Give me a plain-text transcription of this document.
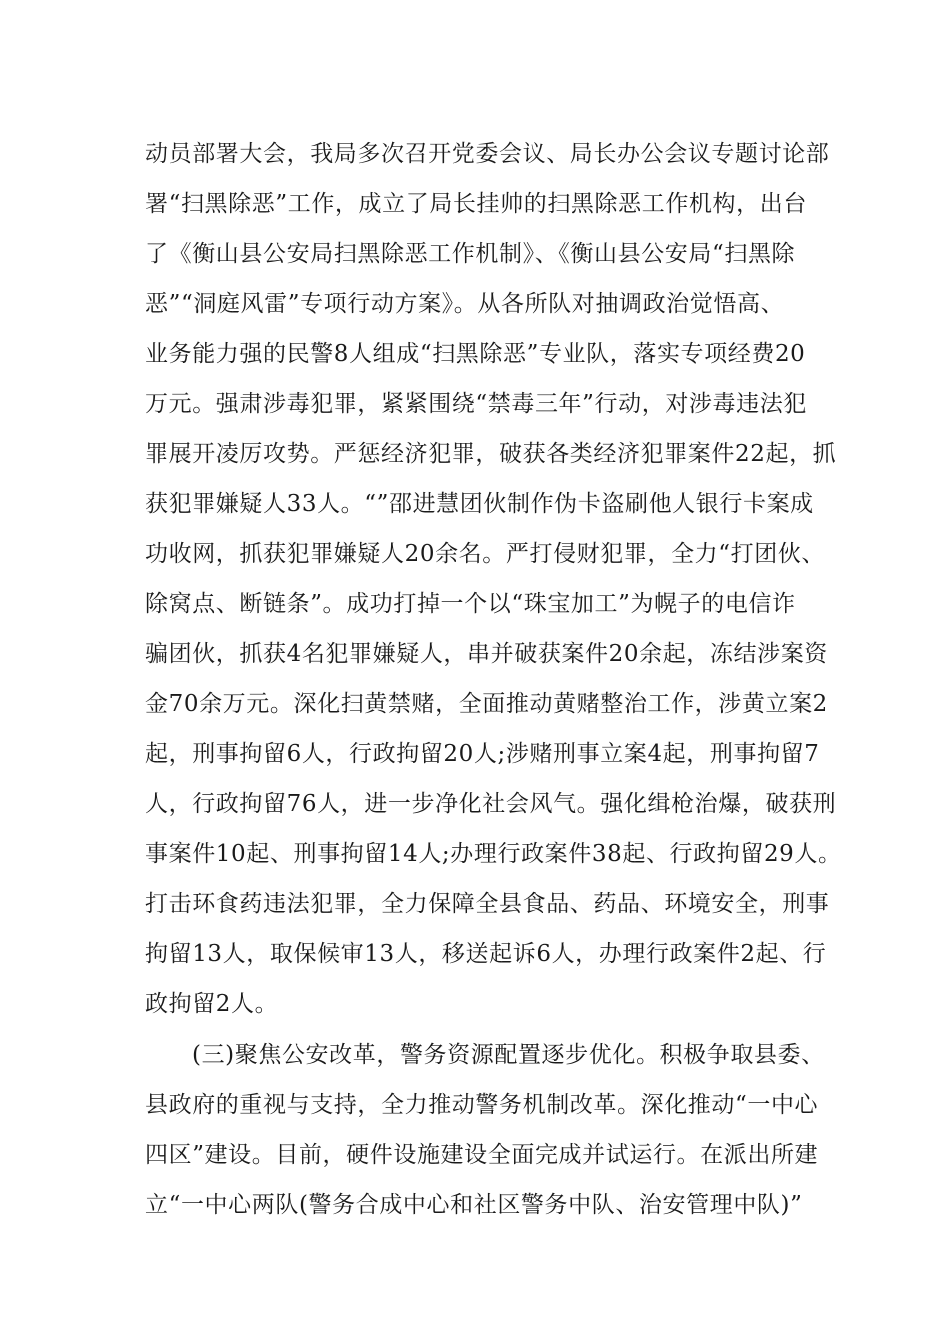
动员部署大会，我局多次召开党委会议、局长办公会议专题讨论部

署“扫黑除恶”工作，成立了局长挂帅的扫黑除恶工作机构，出台

了《衡山县公安局扫黑除恶工作机制》、《衡山县公安局“扫黑除

恶”“洞庭风雷”专项行动方案》。从各所队对抽调政治觉悟高、

业务能力强的民警8人组成“扫黑除恶”专业队，落实专项经费20

万元。强肃涉毒犯罪，紧紧围绕“禁毒三年”行动，对涉毒违法犯

罪展开凌厉攻势。严惩经济犯罪，破获各类经济犯罪案件22起，抓

获犯罪嫌疑人33人。“”邵进慧团伙制作伪卡盗刷他人银行卡案成

功收网，抓获犯罪嫌疑人20余名。严打侵财犯罪，全力“打团伙、

除窝点、断链条”。成功打掉一个以“珠宝加工”为幌子的电信诈

骗团伙，抓获4名犯罪嫌疑人，串并破获案件20余起，冻结涉案资

金70余万元。深化扫黄禁赌，全面推动黄赌整治工作，涉黄立案2

起，刑事拘留6人，行政拘留20人;涉赌刑事立案4起，刑事拘留7

人，行政拘留76人，进一步净化社会风气。强化缉枪治爆，破获刑

事案件10起、刑事拘留14人;办理行政案件38起、行政拘留29人。

打击环食药违法犯罪，全力保障全县食品、药品、环境安全，刑事

拘留13人，取保候审13人，移送起诉6人，办理行政案件2起、行

政拘留2人。

(三)聚焦公安改革，警务资源配置逐步优化。积极争取县委、

县政府的重视与支持，全力推动警务机制改革。深化推动“一中心

四区”建设。目前，硬件设施建设全面完成并试运行。在派出所建

立“一中心两队(警务合成中心和社区警务中队、治安管理中队)”
